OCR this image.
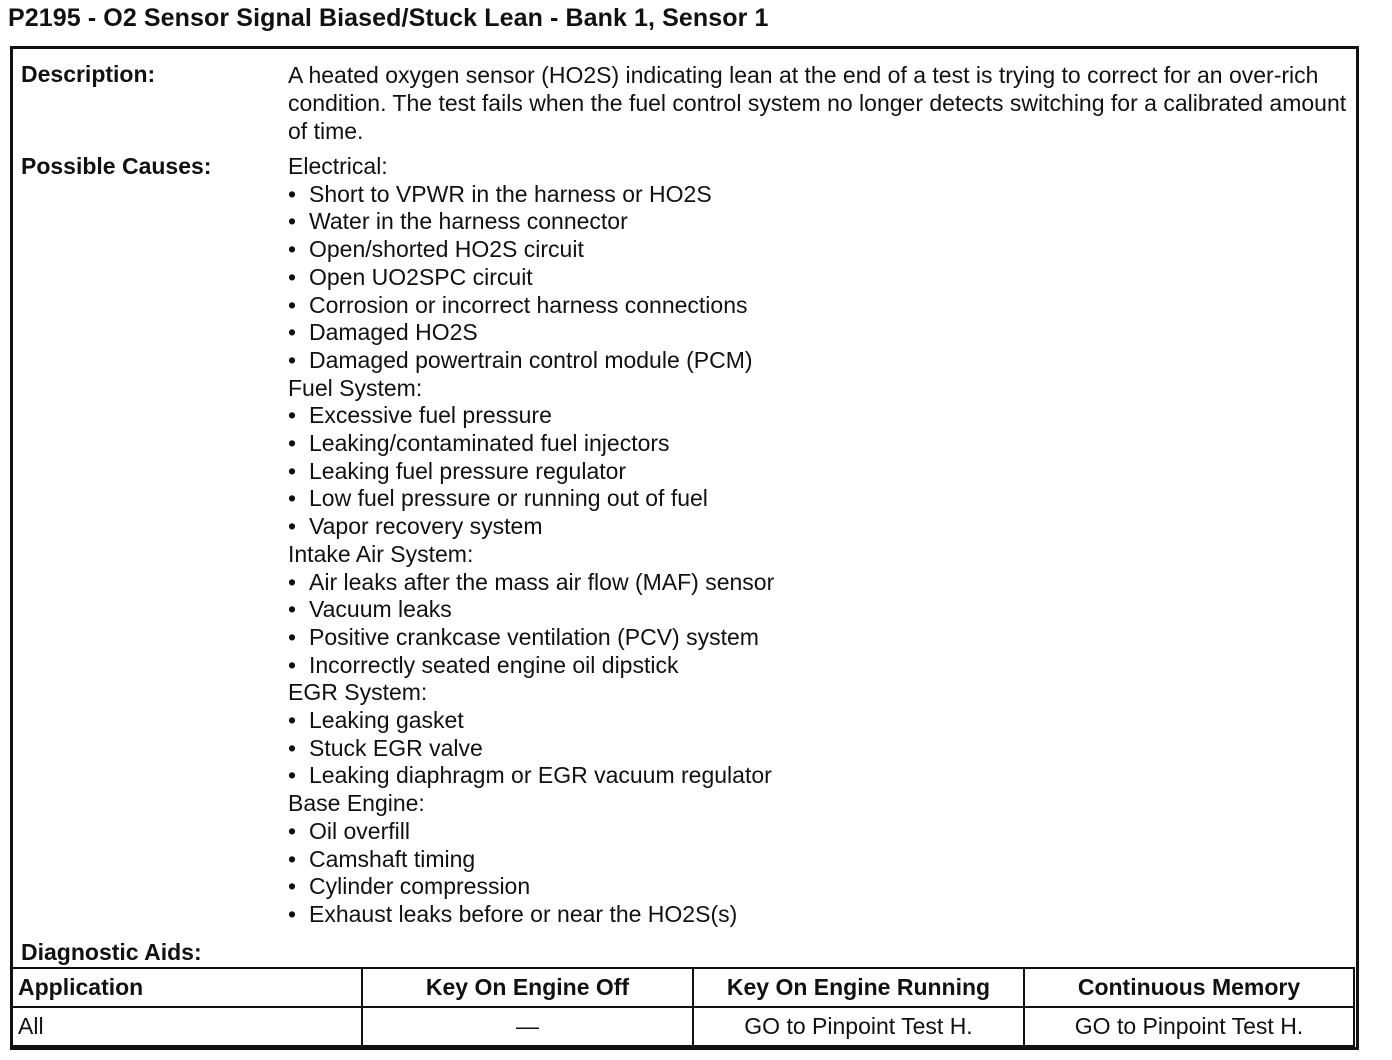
P2195 - O2 Sensor Signal Biased/Stuck Lean - Bank 1, Sensor 1
Description:	A heated oxygen sensor (HO2S) indicating lean at the end of a test is trying to correct for an over-rich condition. The test fails when the fuel control system no longer detects switching for a calibrated amount of time.
Possible Causes:	Electrical:
• Short to VPWR in the harness or HO2S
• Water in the harness connector
• Open/shorted HO2S circuit
• Open UO2SPC circuit
• Corrosion or incorrect harness connections
• Damaged HO2S
• Damaged powertrain control module (PCM)
Fuel System:
• Excessive fuel pressure
• Leaking/contaminated fuel injectors
• Leaking fuel pressure regulator
• Low fuel pressure or running out of fuel
• Vapor recovery system
Intake Air System:
• Air leaks after the mass air flow (MAF) sensor
• Vacuum leaks
• Positive crankcase ventilation (PCV) system
• Incorrectly seated engine oil dipstick
EGR System:
• Leaking gasket
• Stuck EGR valve
• Leaking diaphragm or EGR vacuum regulator
Base Engine:
• Oil overfill
• Camshaft timing
• Cylinder compression
• Exhaust leaks before or near the HO2S(s)
Diagnostic Aids:
Application	Key On Engine Off	Key On Engine Running	Continuous Memory
All	—	GO to Pinpoint Test H.	GO to Pinpoint Test H.
